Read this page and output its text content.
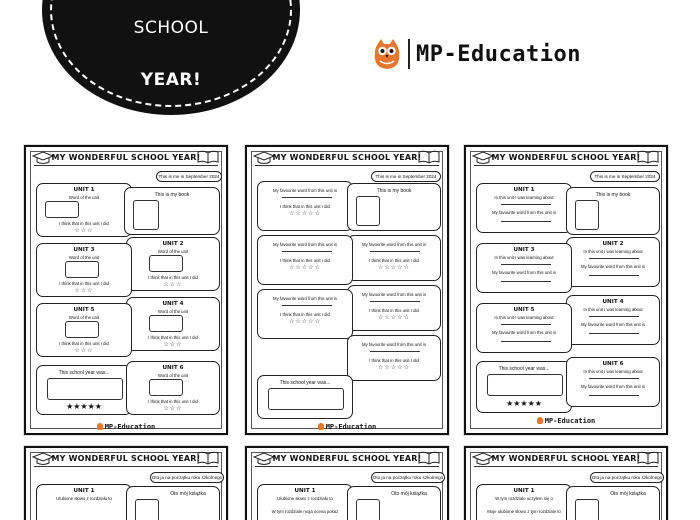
SCHOOL
YEAR!
MP-Education
MY WONDERFUL SCHOOL YEAR!
This is me in September 2024
UNIT 1
Word of the unit
I think that in this unit I did
☆☆☆
This is my book
UNIT 2
Word of the unit
I think that in this unit I did
☆☆☆
UNIT 3
Word of the unit
I think that in this unit I did
☆☆☆
UNIT 4
Word of the unit
I think that in this unit I did
☆☆☆
UNIT 5
Word of the unit
I think that in this unit I did
☆☆☆
This school year was...
★★★★★
UNIT 6
Word of the unit
I think that in this unit I did
☆☆☆
MP-Education
MY WONDERFUL SCHOOL YEAR!
This is me in September 2024
My favourite word from this unit is
I think that in this unit I did
☆☆☆☆☆
This is my book
My favourite word from this unit is
I think that in this unit I did
☆☆☆☆☆
My favourite word from this unit is
I think that in this unit I did
☆☆☆☆☆
My favourite word from this unit is
I think that in this unit I did
☆☆☆☆☆
My favourite word from this unit is
I think that in this unit I did
☆☆☆☆☆
My favourite word from this unit is
I think that in this unit I did
☆☆☆☆☆
This school year was...
MP-Education
MY WONDERFUL SCHOOL YEAR!
This is me in September 2024
UNIT 1
In this unit I was learning about
My favourite word from this unit is
This is my book
UNIT 2
In this unit I was learning about
My favourite word from this unit is
UNIT 3
In this unit I was learning about
My favourite word from this unit is
UNIT 4
In this unit I was learning about
My favourite word from this unit is
UNIT 5
In this unit I was learning about
My favourite word from this unit is
This school year was...
★★★★★
UNIT 6
In this unit I was learning about
My favourite word from this unit is
MP-Education
MY WONDERFUL SCHOOL YEAR!
Oto ja na początku roku szkolnego
UNIT 1
Ulubione słowo z rozdziału to
Oto mój książka
MY WONDERFUL SCHOOL YEAR!
Oto ja na początku roku szkolnego
UNIT 1
Ulubione słowo z rozdziału to
W tym rozdziale moja ocena pokaz
Oto mój książka
MY WONDERFUL SCHOOL YEAR!
Oto ja na początku roku szkolnego
UNIT 1
W tym rozdziale uczyłem się o
Moje ulubione słowo z tym rozdziale to
Oto mój książka
